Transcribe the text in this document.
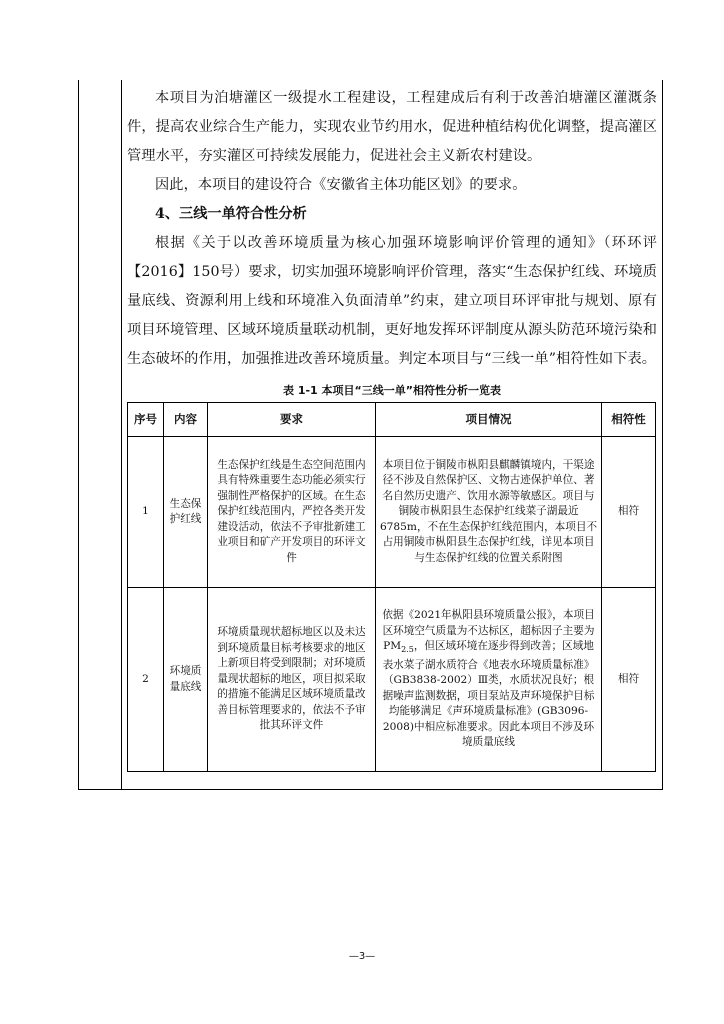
本项目为泊塘灌区一级提水工程建设，工程建成后有利于改善泊塘灌区灌溉条件，提高农业综合生产能力，实现农业节约用水，促进种植结构优化调整，提高灌区管理水平，夯实灌区可持续发展能力，促进社会主义新农村建设。

因此，本项目的建设符合《安徽省主体功能区划》的要求。

4、三线一单符合性分析

根据《关于以改善环境质量为核心加强环境影响评价管理的通知》（环环评【2016】150号）要求，切实加强环境影响评价管理，落实“生态保护红线、环境质量底线、资源利用上线和环境准入负面清单”约束，建立项目环评审批与规划、原有项目环境管理、区域环境质量联动机制，更好地发挥环评制度从源头防范环境污染和生态破坏的作用，加强推进改善环境质量。判定本项目与“三线一单”相符性如下表。

表 1-1 本项目“三线一单”相符性分析一览表
序号	内容	要求	项目情况	相符性
1	生态保护红线	生态保护红线是生态空间范围内具有特殊重要生态功能必须实行强制性严格保护的区域。在生态保护红线范围内，严控各类开发建设活动，依法不予审批新建工业项目和矿产开发项目的环评文件	本项目位于铜陵市枞阳县麒麟镇境内，干渠途径不涉及自然保护区、文物古迹保护单位、著名自然历史遗产、饮用水源等敏感区。项目与铜陵市枞阳县生态保护红线菜子湖最近6785m，不在生态保护红线范围内，本项目不占用铜陵市枞阳县生态保护红线，详见本项目与生态保护红线的位置关系附图	相符
2	环境质量底线	环境质量现状超标地区以及未达到环境质量目标考核要求的地区上新项目将受到限制；对环境质量现状超标的地区，项目拟采取的措施不能满足区域环境质量改善目标管理要求的，依法不予审批其环评文件	依据《2021年枞阳县环境质量公报》，本项目区环境空气质量为不达标区，超标因子主要为$PM_{2.5}$，但区域环境在逐步得到改善；区域地表水菜子湖水质符合《地表水环境质量标准》（GB3838-2002）Ⅲ类，水质状况良好；根据噪声监测数据，项目泵站及声环境保护目标均能够满足《声环境质量标准》(GB3096-2008)中相应标准要求。因此本项目不涉及环境质量底线	相符
—3—
